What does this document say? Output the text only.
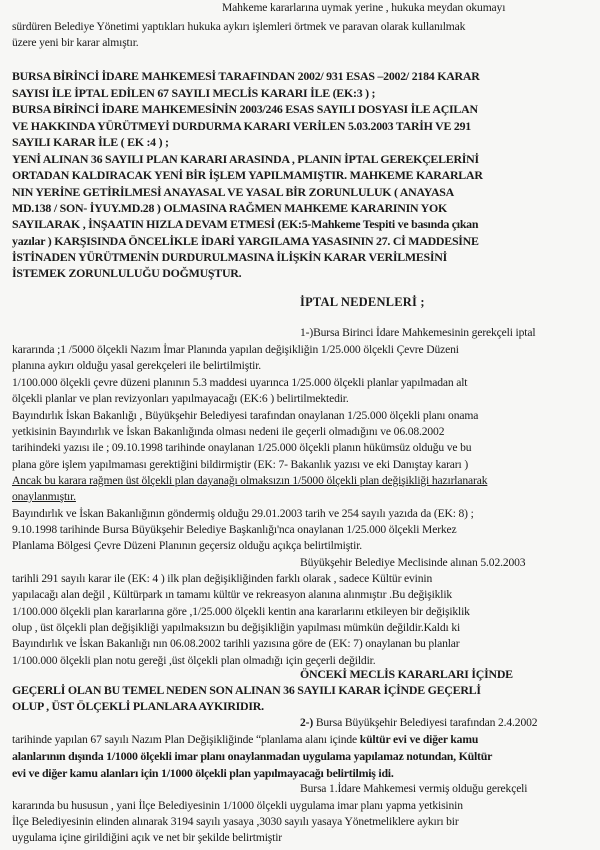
Mahkeme kararlarına uymak yerine , hukuka meydan okumayı
sürdüren Belediye Yönetimi yaptıkları hukuka aykırı işlemleri örtmek ve paravan olarak kullanılmak
üzere yeni bir karar almıştır.
BURSA BİRİNCİ İDARE MAHKEMESİ TARAFINDAN 2002/ 931 ESAS –2002/ 2184 KARAR
SAYISI İLE İPTAL EDİLEN 67 SAYILI MECLİS KARARI İLE (EK:3 ) ;
BURSA BİRİNCİ İDARE MAHKEMESİNİN 2003/246 ESAS SAYILI DOSYASI İLE AÇILAN
VE HAKKINDA YÜRÜTMEYİ DURDURMA KARARI VERİLEN 5.03.2003 TARİH VE 291
SAYILI KARAR İLE ( EK :4 ) ;
YENİ ALINAN 36 SAYILI PLAN KARARI ARASINDA , PLANIN İPTAL GEREKÇELERİNİ
ORTADAN KALDIRACAK YENİ BİR İŞLEM YAPILMAMIŞTIR. MAHKEME KARARLAR
NIN YERİNE GETİRİLMESİ ANAYASAL VE YASAL BİR ZORUNLULUK ( ANAYASA
MD.138 / SON- İYUY.MD.28 ) OLMASINA RAĞMEN MAHKEME KARARININ YOK
SAYILARAK , İNŞAATIN HIZLA DEVAM ETMESİ (EK:5-Mahkeme Tespiti ve basında çıkan
yazılar ) KARŞISINDA ÖNCELİKLE İDARİ YARGILAMA YASASININ 27. Cİ MADDESİNE
İSTİNADEN YÜRÜTMENİN DURDURULMASINA İLİŞKİN KARAR VERİLMESİNİ
İSTEMEK ZORUNLULUĞU DOĞMUŞTUR.
İPTAL NEDENLERİ ;
1-)Bursa Birinci İdare Mahkemesinin gerekçeli iptal
kararında ;1 /5000 ölçekli Nazım İmar Planında yapılan değişikliğin 1/25.000 ölçekli Çevre Düzeni
planına aykırı olduğu yasal gerekçeleri ile belirtilmiştir.
1/100.000 ölçekli çevre düzeni planının 5.3 maddesi uyarınca 1/25.000 ölçekli planlar yapılmadan alt
ölçekli planlar ve plan revizyonları yapılmayacağı (EK:6 ) belirtilmektedir.
Bayındırlık İskan Bakanlığı , Büyükşehir Belediyesi tarafından onaylanan 1/25.000 ölçekli planı onama
yetkisinin Bayındırlık ve İskan Bakanlığında olması nedeni ile geçerli olmadığını ve 06.08.2002
tarihindeki yazısı ile ; 09.10.1998 tarihinde onaylanan 1/25.000 ölçekli planın hükümsüz olduğu ve bu
plana göre işlem yapılmaması gerektiğini bildirmiştir (EK: 7- Bakanlık yazısı ve eki Danıştay kararı )
Ancak bu karara rağmen üst ölçekli plan dayanağı olmaksızın 1/5000 ölçekli plan değişikliği hazırlanarak
onaylanmıştır.
Bayındırlık ve İskan Bakanlığının göndermiş olduğu 29.01.2003 tarih ve 254 sayılı yazıda da (EK: 8) ;
9.10.1998 tarihinde Bursa Büyükşehir Belediye Başkanlığı'nca onaylanan 1/25.000 ölçekli Merkez
Planlama Bölgesi Çevre Düzeni Planının geçersiz olduğu açıkça belirtilmiştir.
Büyükşehir Belediye Meclisinde alınan 5.02.2003
tarihli 291 sayılı karar ile (EK: 4 ) ilk plan değişikliğinden farklı olarak , sadece Kültür evinin
yapılacağı alan değil , Kültürpark ın tamamı kültür ve rekreasyon alanına alınmıştır .Bu değişiklik
1/100.000 ölçekli plan kararlarına göre ,1/25.000 ölçekli kentin ana kararlarını etkileyen bir değişiklik
olup , üst ölçekli plan değişikliği yapılmaksızın bu değişikliğin yapılması mümkün değildir.Kaldı ki
Bayındırlık ve İskan Bakanlığı nın 06.08.2002 tarihli yazısına göre de (EK: 7) onaylanan bu planlar
1/100.000 ölçekli plan notu gereği ,üst ölçekli plan olmadığı için geçerli değildir.
ÖNCEKİ MECLİS KARARLARI İÇİNDE
GEÇERLİ OLAN BU TEMEL NEDEN SON ALINAN 36 SAYILI KARAR İÇİNDE GEÇERLİ
OLUP , ÜST ÖLÇEKLİ PLANLARA AYKIRIDIR.
2-) Bursa Büyükşehir Belediyesi tarafından 2.4.2002
tarihinde yapılan 67 sayılı Nazım Plan Değişikliğinde “planlama alanı içinde kültür evi ve diğer kamu
alanlarının dışında 1/1000 ölçekli imar planı onaylanmadan uygulama yapılamaz notundan, Kültür
evi ve diğer kamu alanları için 1/1000 ölçekli plan yapılmayacağı belirtilmiş idi.
Bursa 1.İdare Mahkemesi vermiş olduğu gerekçeli
kararında bu hususun , yani İlçe Belediyesinin 1/1000 ölçekli uygulama imar planı yapma yetkisinin
İlçe Belediyesinin elinden alınarak 3194 sayılı yasaya ,3030 sayılı yasaya Yönetmeliklere aykırı bir
uygulama içine girildiğini açık ve net bir şekilde belirtmiştir
